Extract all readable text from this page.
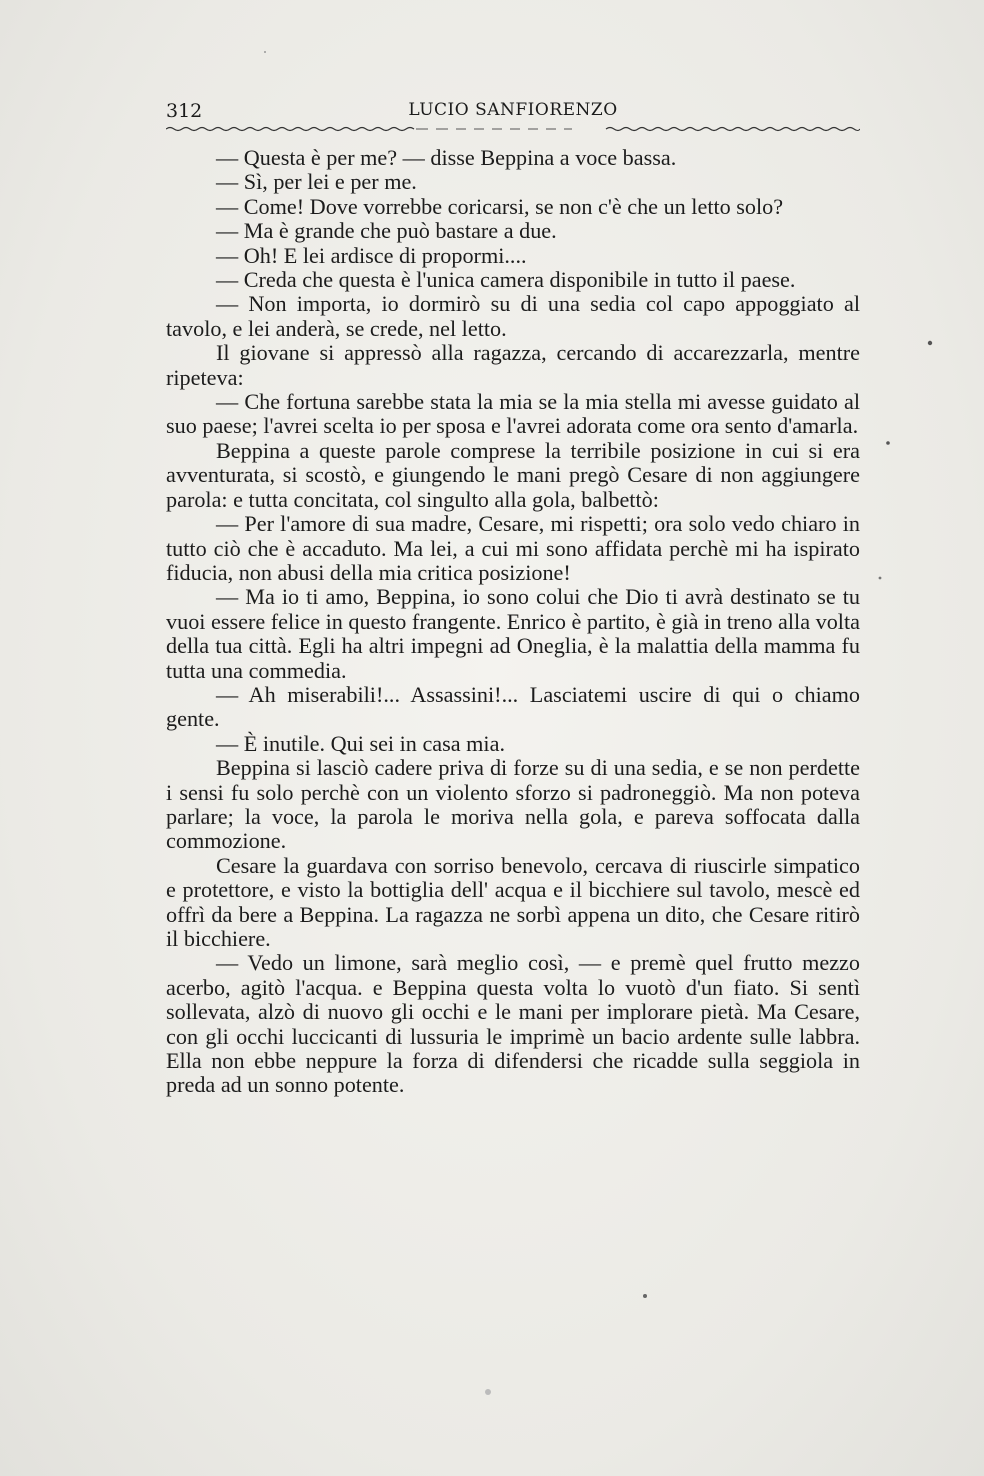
312	LUCIO SANFIORENZO

— Questa è per me? — disse Beppina a voce bassa.

— Sì, per lei e per me.

— Come! Dove vorrebbe coricarsi, se non c'è che un letto solo?

— Ma è grande che può bastare a due.

— Oh! E lei ardisce di propormi....

— Creda che questa è l'unica camera disponibile in tutto il paese.

— Non importa, io dormirò su di una sedia col capo appoggiato al tavolo, e lei anderà, se crede, nel letto.

Il giovane si appressò alla ragazza, cercando di accarezzarla, mentre ripeteva:

— Che fortuna sarebbe stata la mia se la mia stella mi avesse guidato al suo paese; l'avrei scelta io per sposa e l'avrei adorata come ora sento d'amarla.

Beppina a queste parole comprese la terribile posizione in cui si era avventurata, si scostò, e giungendo le mani pregò Cesare di non aggiungere parola: e tutta concitata, col singulto alla gola, balbettò:

— Per l'amore di sua madre, Cesare, mi rispetti; ora solo vedo chiaro in tutto ciò che è accaduto. Ma lei, a cui mi sono affidata perchè mi ha ispirato fiducia, non abusi della mia critica posizione!

— Ma io ti amo, Beppina, io sono colui che Dio ti avrà destinato se tu vuoi essere felice in questo frangente. Enrico è partito, è già in treno alla volta della tua città. Egli ha altri impegni ad Oneglia, è la malattia della mamma fu tutta una commedia.

— Ah miserabili!... Assassini!... Lasciatemi uscire di qui o chiamo gente.

— È inutile. Qui sei in casa mia.

Beppina si lasciò cadere priva di forze su di una sedia, e se non perdette i sensi fu solo perchè con un violento sforzo si padroneggiò. Ma non poteva parlare; la voce, la parola le moriva nella gola, e pareva soffocata dalla commozione.

Cesare la guardava con sorriso benevolo, cercava di riuscirle simpatico e protettore, e visto la bottiglia dell' acqua e il bicchiere sul tavolo, mescè ed offrì da bere a Beppina. La ragazza ne sorbì appena un dito, che Cesare ritirò il bicchiere.

— Vedo un limone, sarà meglio così, — e premè quel frutto mezzo acerbo, agitò l'acqua. e Beppina questa volta lo vuotò d'un fiato. Si sentì sollevata, alzò di nuovo gli occhi e le mani per implorare pietà. Ma Cesare, con gli occhi luccicanti di lussuria le imprimè un bacio ardente sulle labbra. Ella non ebbe neppure la forza di difendersi che ricadde sulla seggiola in preda ad un sonno potente.
